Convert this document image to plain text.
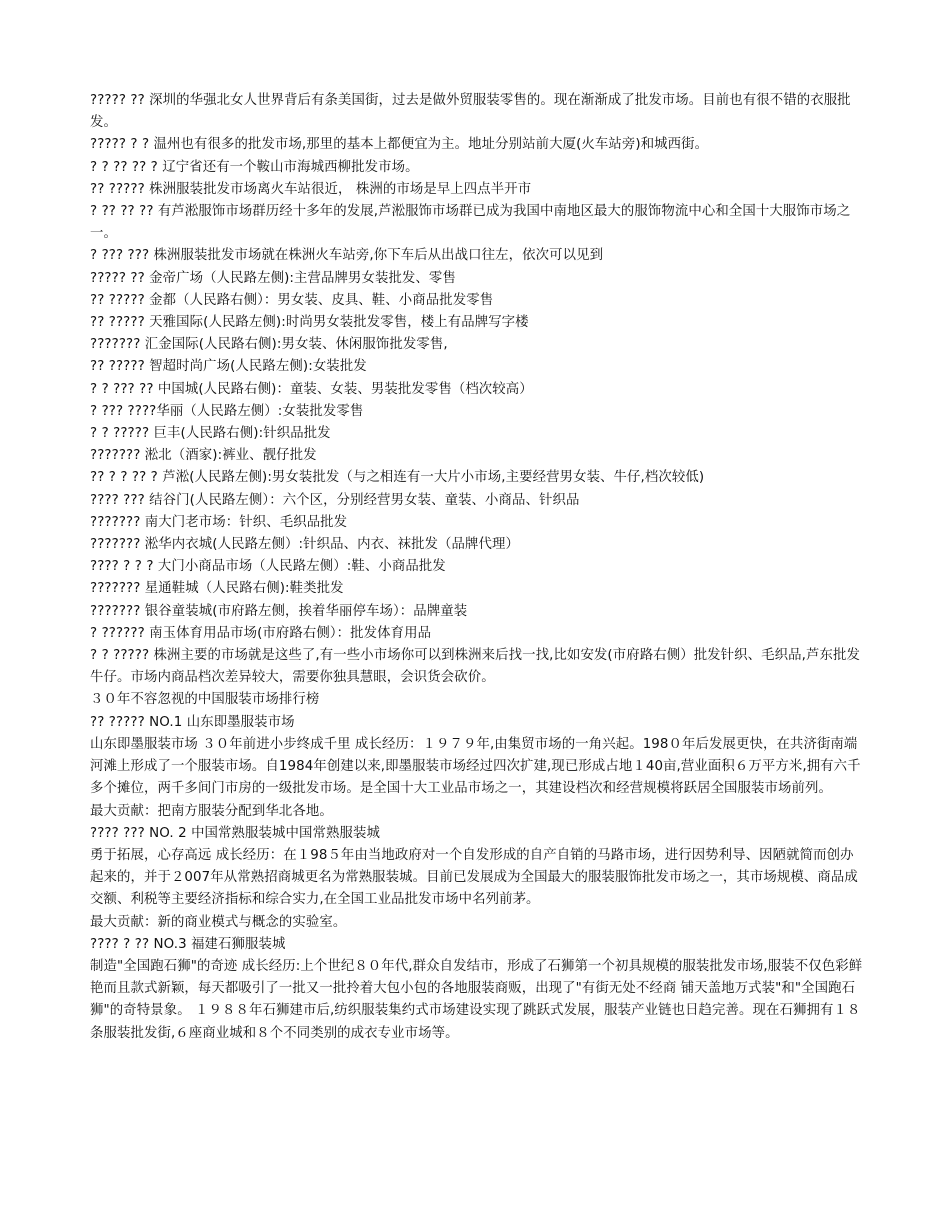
????? ?? 深圳的华强北女人世界背后有条美国街，过去是做外贸服装零售的。现在渐渐成了批发市场。目前也有很不错的衣服批发。
????? ? ? 温州也有很多的批发市场,那里的基本上都便宜为主。地址分别站前大厦(火车站旁)和城西街。
? ? ?? ?? ? 辽宁省还有一个鞍山市海城西柳批发市场。
?? ????? 株洲服装批发市场离火车站很近， 株洲的市场是早上四点半开市
? ?? ?? ?? 有芦淞服饰市场群历经十多年的发展,芦淞服饰市场群已成为我国中南地区最大的服饰物流中心和全国十大服饰市场之一。
? ??? ??? 株洲服装批发市场就在株洲火车站旁,你下车后从出战口往左，依次可以见到
????? ?? 金帝广场（人民路左侧):主营品牌男女装批发、零售
?? ????? 金都（人民路右侧）：男女装、皮具、鞋、小商品批发零售
?? ????? 天雅国际(人民路左侧):时尚男女装批发零售，楼上有品牌写字楼
??????? 汇金国际(人民路右侧):男女装、休闲服饰批发零售,
?? ????? 智超时尚广场(人民路左侧):女装批发
? ? ??? ?? 中国城(人民路右侧)：童装、女装、男装批发零售（档次较高）
? ??? ????华丽（人民路左侧）:女装批发零售
? ? ????? 巨丰(人民路右侧):针织品批发
??????? 淞北（酒家):裤业、靓仔批发
?? ? ? ?? ? 芦淞(人民路左侧):男女装批发（与之相连有一大片小市场,主要经营男女装、牛仔,档次较低)
???? ??? 结谷门(人民路左侧）：六个区，分别经营男女装、童装、小商品、针织品
??????? 南大门老市场：针织、毛织品批发
??????? 淞华内衣城(人民路左侧）:针织品、内衣、袜批发（品牌代理）
???? ? ? ? 大门小商品市场（人民路左侧）:鞋、小商品批发
??????? 星通鞋城（人民路右侧):鞋类批发
??????? 银谷童装城(市府路左侧，挨着华丽停车场）：品牌童装
? ?????? 南玉体育用品市场(市府路右侧）：批发体育用品
? ? ????? 株洲主要的市场就是这些了,有一些小市场你可以到株洲来后找一找,比如安发(市府路右侧）批发针织、毛织品,芦东批发牛仔。市场内商品档次差异较大，需要你独具慧眼，会识货会砍价。
３０年不容忽视的中国服装市场排行榜
?? ????? NO.1 山东即墨服装市场
山东即墨服装市场 ３０年前进小步终成千里 成长经历：１９７９年,由集贸市场的一角兴起。198０年后发展更快，在共济街南端河滩上形成了一个服装市场。自1984年创建以来,即墨服装市场经过四次扩建,现已形成占地１40亩,营业面积６万平方米,拥有六千多个摊位，两千多间门市房的一级批发市场。是全国十大工业品市场之一，其建设档次和经营规模将跃居全国服装市场前列。
最大贡献：把南方服装分配到华北各地。
???? ??? NO. 2 中国常熟服装城中国常熟服装城
勇于拓展，心存高远 成长经历：在１98５年由当地政府对一个自发形成的自产自销的马路市场，进行因势利导、因陋就简而创办起来的，并于２007年从常熟招商城更名为常熟服装城。目前已发展成为全国最大的服装服饰批发市场之一，其市场规模、商品成交额、利税等主要经济指标和综合实力,在全国工业品批发市场中名列前茅。
最大贡献：新的商业模式与概念的实验室。
???? ? ?? NO.3 福建石狮服装城
制造"全国跑石狮"的奇迹 成长经历:上个世纪８０年代,群众自发结市，形成了石狮第一个初具规模的服装批发市场,服装不仅色彩鲜艳而且款式新颖，每天都吸引了一批又一批拎着大包小包的各地服装商贩，出现了"有街无处不经商 铺天盖地万式装"和"全国跑石狮"的奇特景象。 １９８８年石狮建市后,纺织服装集约式市场建设实现了跳跃式发展，服装产业链也日趋完善。现在石狮拥有１８条服装批发街,６座商业城和８个不同类别的成衣专业市场等。
